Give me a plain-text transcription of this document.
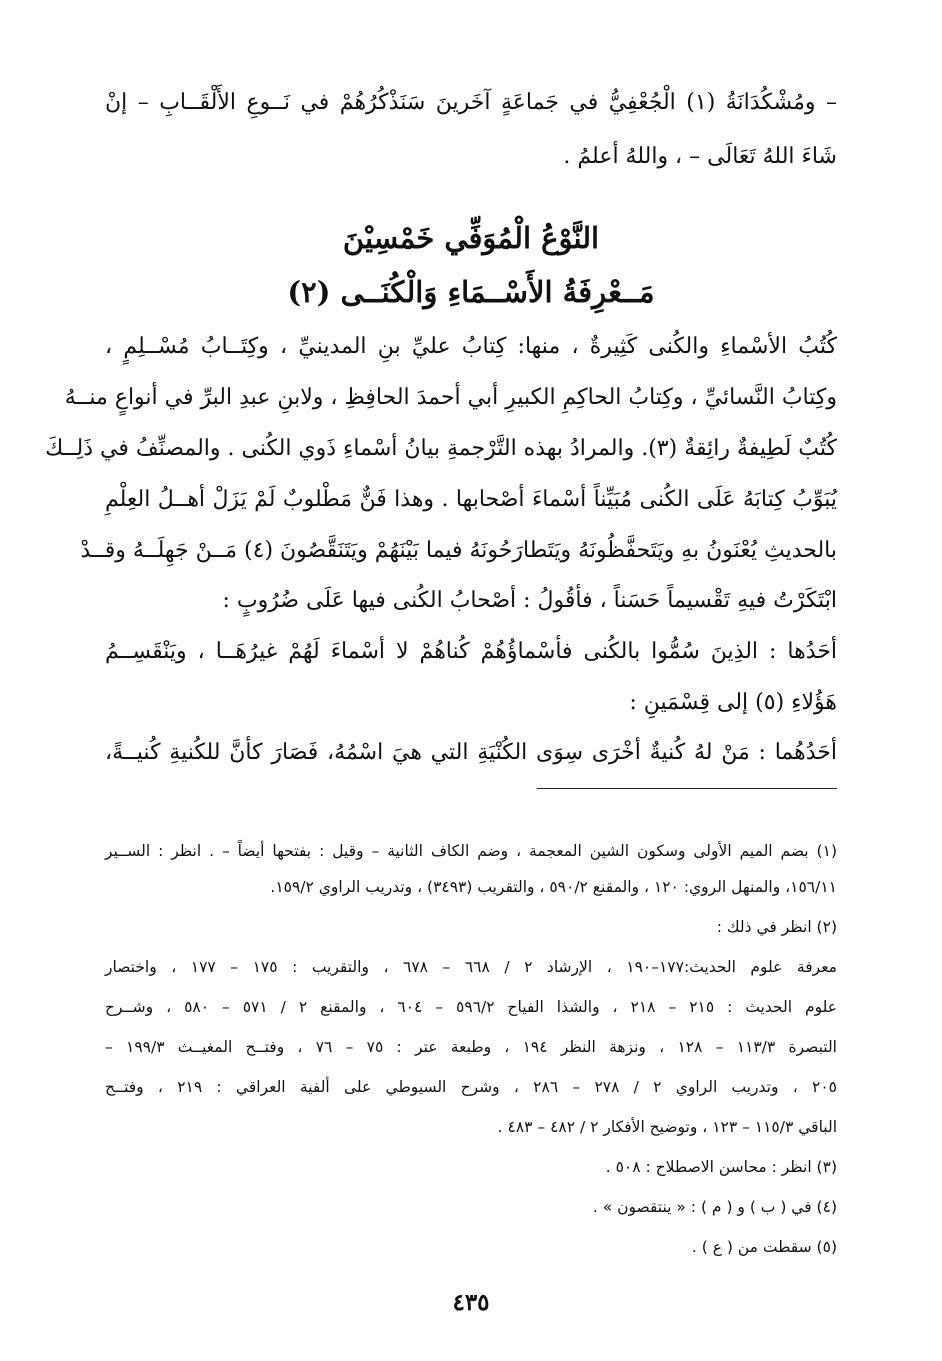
– ومُشْكُدَانَةُ (١) الْجُعْفِيُّ في جَماعَةٍ آخَرينَ سَنَذْكُرُهُمْ في نَــوعِ الأَلْقَــابِ – إنْ
شَاءَ اللهُ تَعَالَى – ، واللهُ أعلمُ .
النَّوْعُ الْمُوَفِّي خَمْسِيْنَ
مَــعْرِفَةُ الأَسْــمَاءِ وَالْكُنَــى (٢)
كُتُبُ الأسْماءِ والكُنى كَثِيرةٌ ، منها: كِتابُ عليِّ بنِ المدينيِّ ، وكِتَــابُ مُسْــلِمٍ ،
وكِتابُ النَّسائيِّ ، وكِتابُ الحاكِمِ الكبيرِ أبي أحمدَ الحافِظِ ، ولابنِ عبدِ البرِّ في أنواعٍ منــهُ
كُتُبٌ لَطِيفةٌ رائِقةٌ (٣). والمرادُ بهذه التَّرْجمةِ بيانُ أسْماءِ ذَوي الكُنى . والمصنِّفُ في ذَلِــكَ
يُبَوِّبُ كِتابَهُ عَلَى الكُنى مُبَيِّناً أسْماءَ أصْحابها . وهذا فَنٌّ مَطْلوبٌ لَمْ يَزَلْ أهــلُ العِلْمِ
بالحديثِ يُعْنَونُ بهِ ويَتَحفَّظُونَهُ ويَتَطارَحُونَهُ فيما بَيْنَهُمْ ويَتَنَقَّصُونَ (٤) مَــنْ جَهِلَــهُ وقــدْ
ابْتَكَرْتُ فيهِ تَقْسيماً حَسَناً ، فأقُولُ : أصْحابُ الكُنى فيها عَلَى ضُرُوبٍ :
أحَدُها : الذِينَ سُمُّوا بالكُنى فأسْماؤُهُمْ كُناهُمْ لا أسْماءَ لَهُمْ غيرُهَــا ، ويَنْقَسِــمُ
هَؤُلاءِ (٥) إلى قِسْمَينِ :
أحَدُهُما : مَنْ لهُ كُنيةٌ أخْرَى سِوَى الكُنْيَةِ التي هيَ اسْمُهُ، فَصَارَ كأنَّ للكُنيةِ كُنيــةً،
(١) بضم الميم الأولى وسكون الشين المعجمة ، وضم الكاف الثانية – وقيل : بفتحها أيضاً – . انظر : الســير
١٥٦/١١، والمنهل الروي: ١٢٠ ، والمقنع ٥٩٠/٢ ، والتقريب (٣٤٩٣) ، وتدريب الراوي ١٥٩/٢.
(٢) انظر في ذلك :
معرفة علوم الحديث:١٧٧–١٩٠ ، الإرشاد ٢ / ٦٦٨ – ٦٧٨ ، والتقريب : ١٧٥ – ١٧٧ ، واختصار
علوم الحديث : ٢١٥ – ٢١٨ ، والشذا الفياح ٥٩٦/٢ – ٦٠٤ ، والمقنع ٢ / ٥٧١ – ٥٨٠ ، وشــرح
التبصرة ١١٣/٣ – ١٢٨ ، ونزهة النظر ١٩٤ ، وطبعة عتر : ٧٥ – ٧٦ ، وفتــح المغيــث ١٩٩/٣ –
٢٠٥ ، وتدريب الراوي ٢ / ٢٧٨ – ٢٨٦ ، وشرح السيوطي على ألفية العراقي : ٢١٩ ، وفتــح
الباقي ١١٥/٣ – ١٢٣ ، وتوضيح الأفكار ٢ / ٤٨٢ – ٤٨٣ .
(٣) انظر : محاسن الاصطلاح : ٥٠٨ .
(٤) في ( ب ) و ( م ) : « ينتقصون » .
(٥) سقطت من ( ع ) .
٤٣٥
